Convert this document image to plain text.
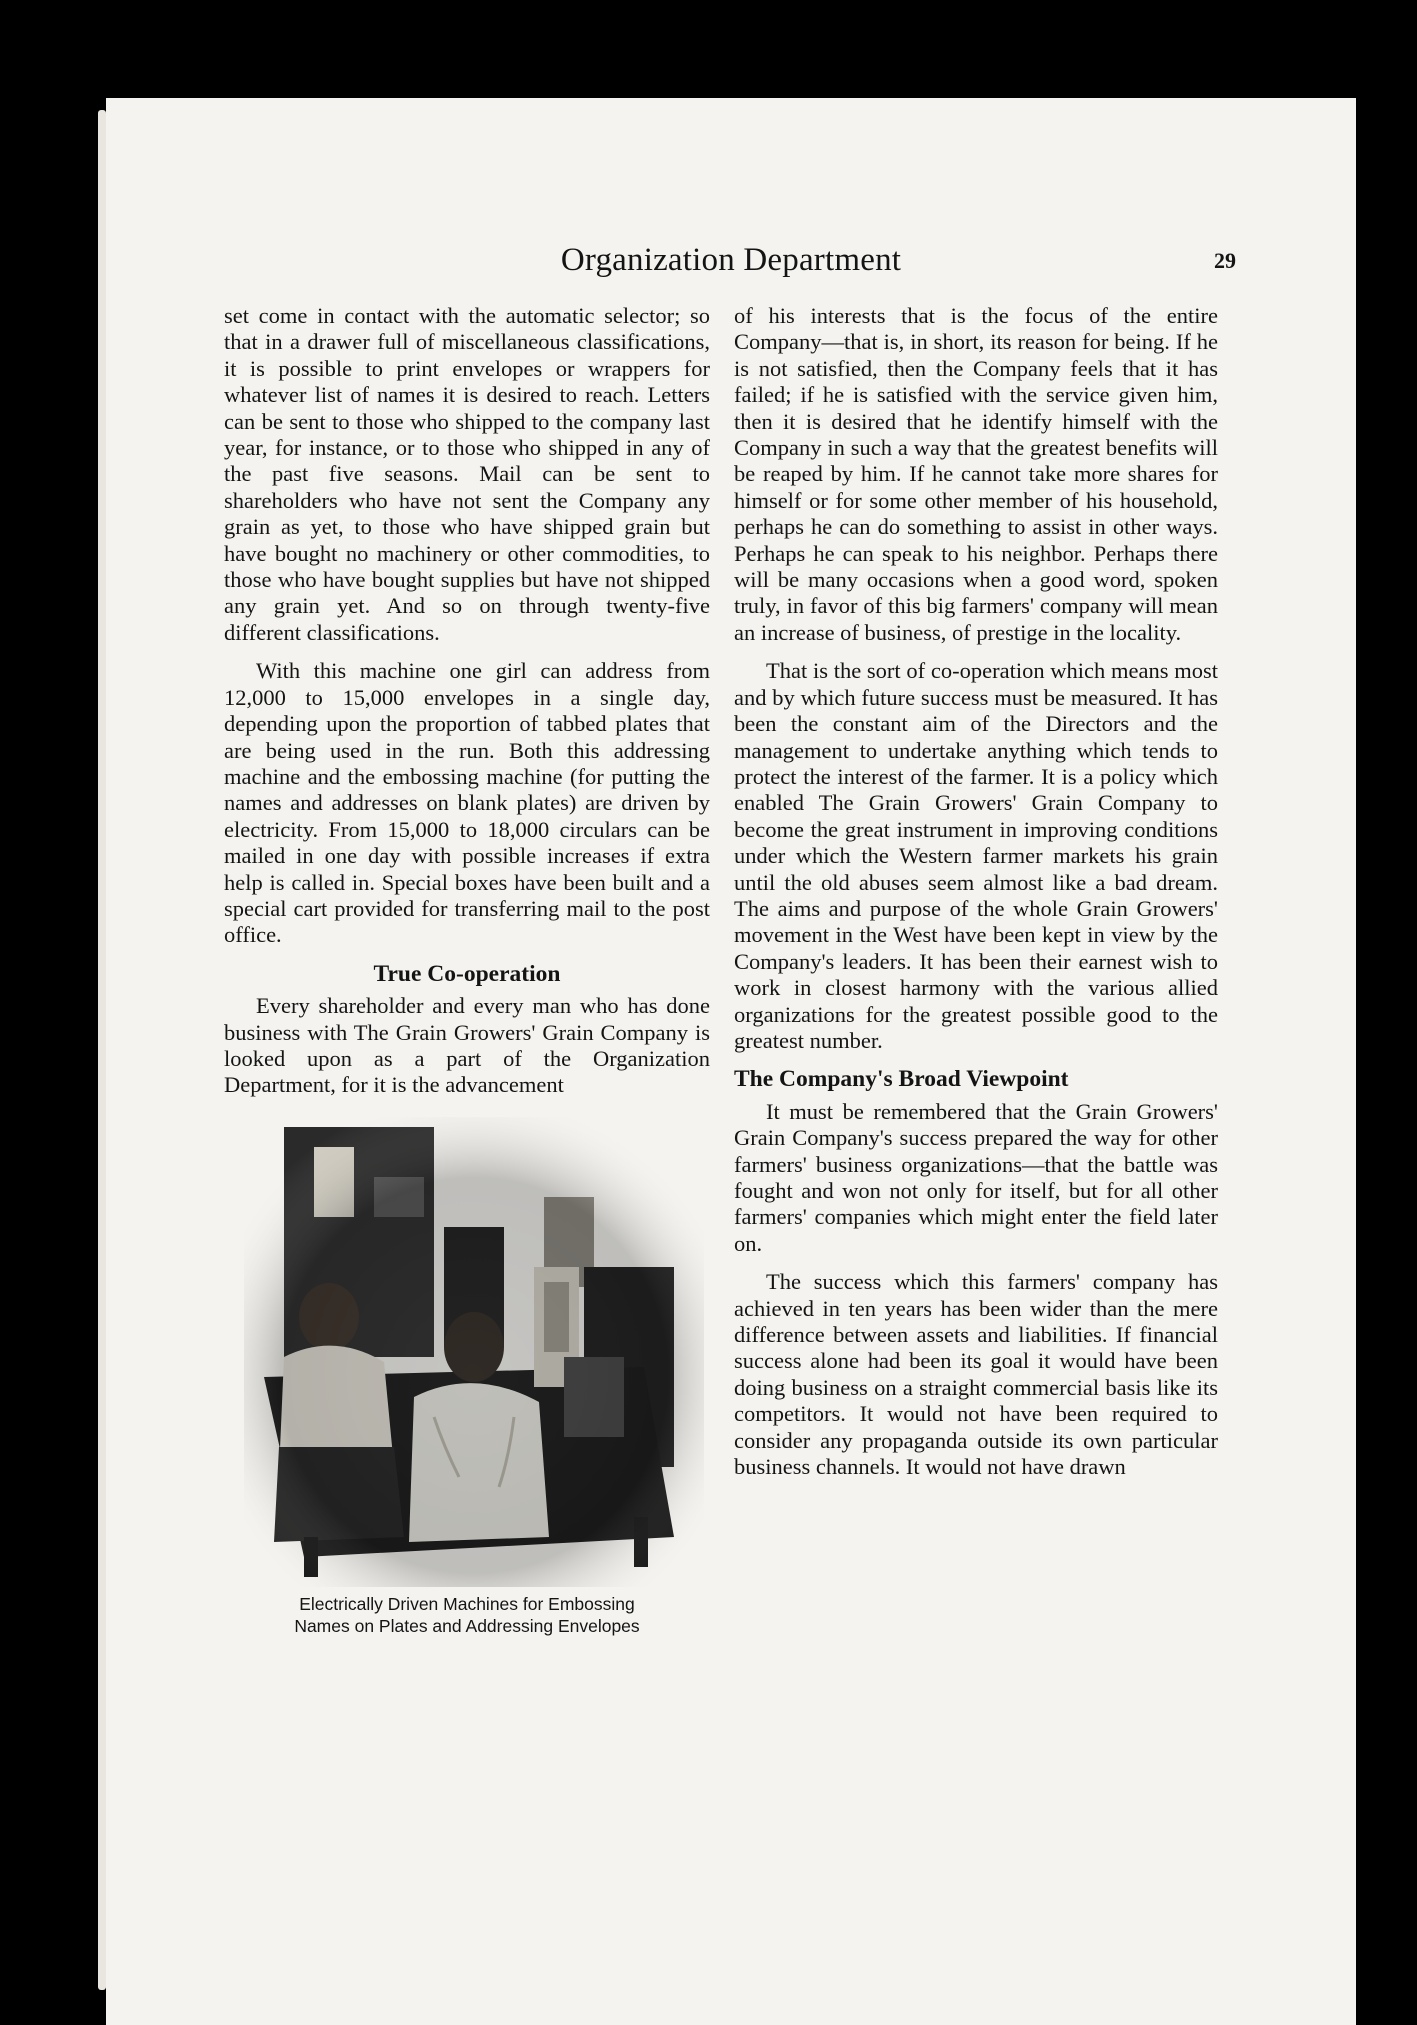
Organization Department	29

set come in contact with the automatic selector; so that in a drawer full of miscellaneous classifications, it is possible to print envelopes or wrappers for whatever list of names it is desired to reach. Letters can be sent to those who shipped to the company last year, for instance, or to those who shipped in any of the past five seasons. Mail can be sent to shareholders who have not sent the Company any grain as yet, to those who have shipped grain but have bought no machinery or other commodities, to those who have bought supplies but have not shipped any grain yet. And so on through twenty-five different classifications.

With this machine one girl can address from 12,000 to 15,000 envelopes in a single day, depending upon the proportion of tabbed plates that are being used in the run. Both this addressing machine and the embossing machine (for putting the names and addresses on blank plates) are driven by electricity. From 15,000 to 18,000 circulars can be mailed in one day with possible increases if extra help is called in. Special boxes have been built and a special cart provided for transferring mail to the post office.

True Co-operation

Every shareholder and every man who has done business with The Grain Growers' Grain Company is looked upon as a part of the Organization Department, for it is the advancement

Electrically Driven Machines for Embossing
Names on Plates and Addressing Envelopes

of his interests that is the focus of the entire Company—that is, in short, its reason for being. If he is not satisfied, then the Company feels that it has failed; if he is satisfied with the service given him, then it is desired that he identify himself with the Company in such a way that the greatest benefits will be reaped by him. If he cannot take more shares for himself or for some other member of his household, perhaps he can do something to assist in other ways. Perhaps he can speak to his neighbor. Perhaps there will be many occasions when a good word, spoken truly, in favor of this big farmers' company will mean an increase of business, of prestige in the locality.

That is the sort of co-operation which means most and by which future success must be measured. It has been the constant aim of the Directors and the management to undertake anything which tends to protect the interest of the farmer. It is a policy which enabled The Grain Growers' Grain Company to become the great instrument in improving conditions under which the Western farmer markets his grain until the old abuses seem almost like a bad dream. The aims and purpose of the whole Grain Growers' movement in the West have been kept in view by the Company's leaders. It has been their earnest wish to work in closest harmony with the various allied organizations for the greatest possible good to the greatest number.

The Company's Broad Viewpoint

It must be remembered that the Grain Growers' Grain Company's success prepared the way for other farmers' business organizations—that the battle was fought and won not only for itself, but for all other farmers' companies which might enter the field later on.

The success which this farmers' company has achieved in ten years has been wider than the mere difference between assets and liabilities. If financial success alone had been its goal it would have been doing business on a straight commercial basis like its competitors. It would not have been required to consider any propaganda outside its own particular business channels. It would not have drawn
